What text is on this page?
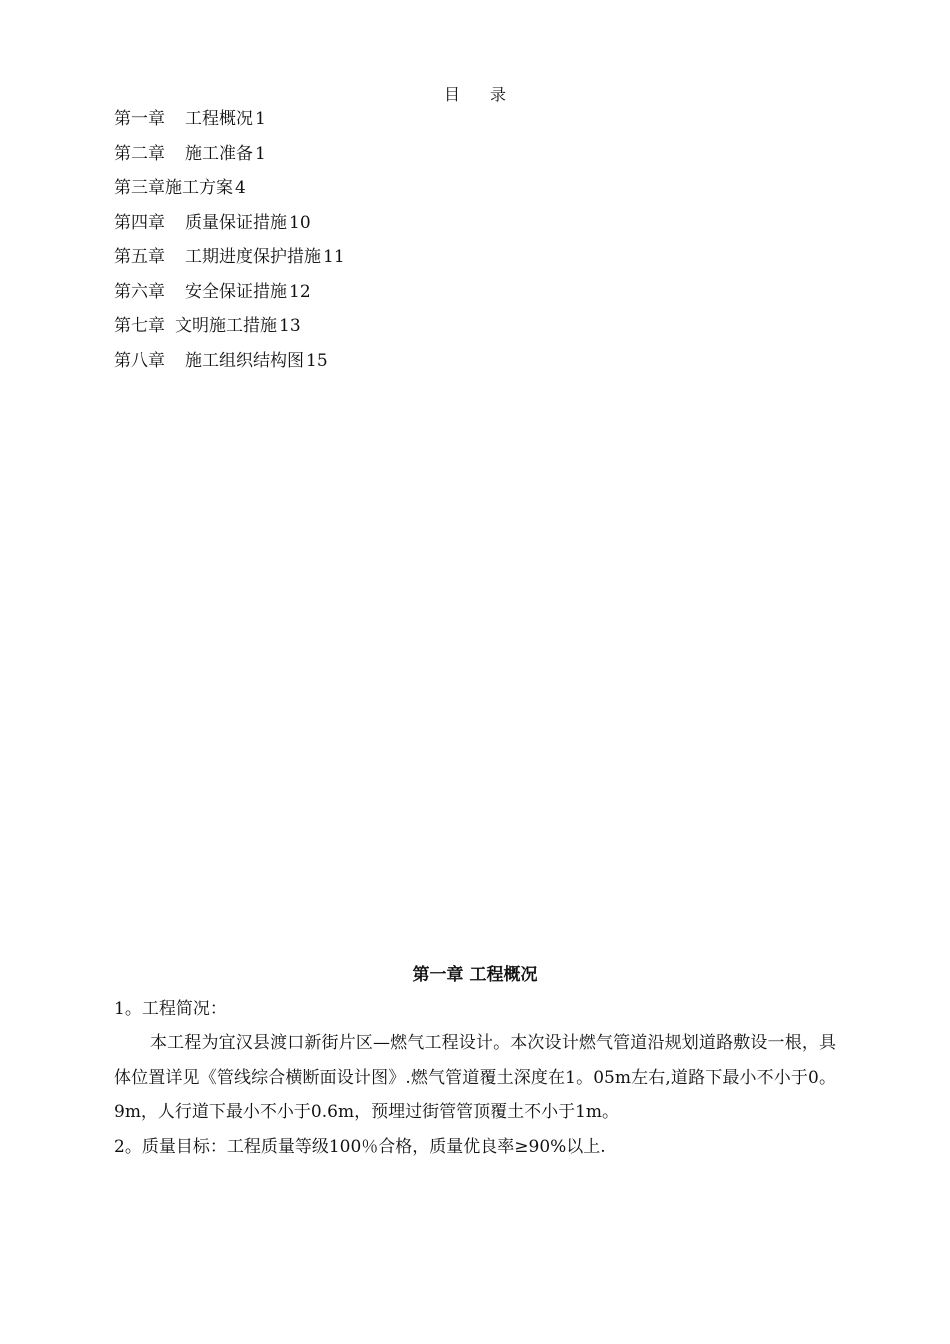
目 录
第一章 工程概况 1
第二章 施工准备 1
第三章施工方案 4
第四章 质量保证措施 10
第五章 工期进度保护措施 11
第六章 安全保证措施 12
第七章 文明施工措施 13
第八章 施工组织结构图 15
第一章 工程概况
1。工程简况：
本工程为宜汉县渡口新街片区—燃气工程设计。本次设计燃气管道沿规划道路敷设一根，具体位置详见《管线综合横断面设计图》.燃气管道覆土深度在1。05m左右,道路下最小不小于0。9m，人行道下最小不小于0.6m，预埋过街管管顶覆土不小于1m。
2。质量目标：工程质量等级100％合格，质量优良率≥90%以上.
